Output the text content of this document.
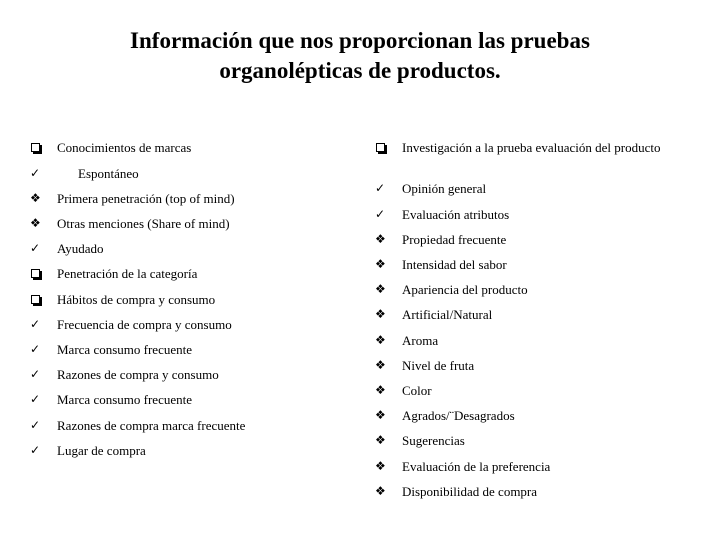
Información que nos proporcionan las pruebas
organolépticas de productos.
Conocimientos de marcas
✓
Espontáneo
❖
Primera penetración (top of mind)
❖
Otras menciones (Share of mind)
✓
Ayudado
Penetración de la categoría
Hábitos de compra y consumo
✓
Frecuencia de compra y consumo
✓
Marca consumo frecuente
✓
Razones de compra y consumo
✓
Marca consumo frecuente
✓
Razones de compra marca frecuente
✓
Lugar de compra
Investigación a la prueba evaluación del producto
✓
Opinión general
✓
Evaluación atributos
❖
Propiedad frecuente
❖
Intensidad del sabor
❖
Apariencia del producto
❖
Artificial/Natural
❖
Aroma
❖
Nivel de fruta
❖
Color
❖
Agrados/¨Desagrados
❖
Sugerencias
❖
Evaluación de la preferencia
❖
Disponibilidad de compra
